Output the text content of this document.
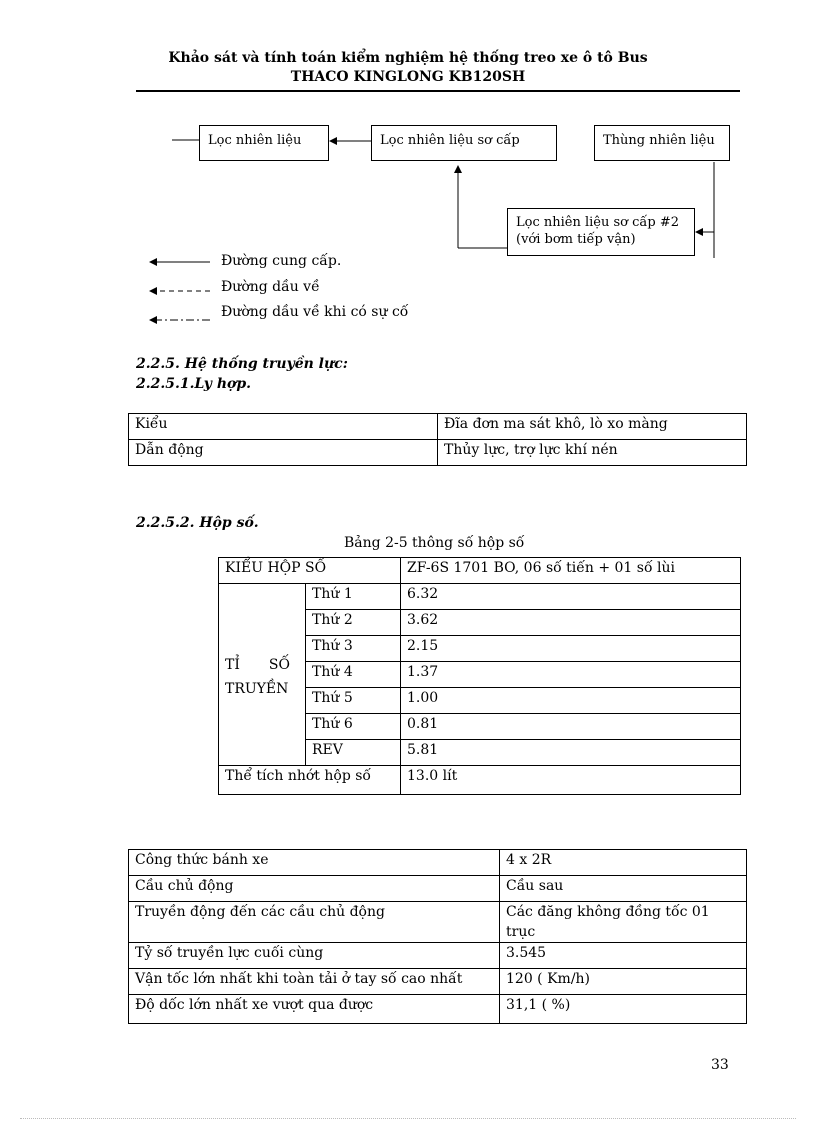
Khảo sát và tính toán kiểm nghiệm hệ thống treo xe ô tô Bus
THACO KINGLONG KB120SH
Lọc nhiên liệu	Lọc nhiên liệu sơ cấp	Thùng nhiên liệu
Lọc nhiên liệu sơ cấp #2
(với bơm tiếp vận)
Đường cung cấp.
Đường dầu về
Đường dầu về khi có sự cố
2.2.5. Hệ thống truyền lực:
2.2.5.1.Ly hợp.
Kiểu	Đĩa đơn ma sát khô, lò xo màng
Dẫn động	Thủy lực, trợ lực khí nén
2.2.5.2. Hộp số.
Bảng 2-5 thông số hộp số
KIỂU HỘP SỐ		ZF-6S 1701 BO, 06 số tiến + 01 số lùi

TỈ SỐ
TRUYỀN	Thứ 1	6.32
	Thứ 2	3.62
	Thứ 3	2.15
	Thứ 4	1.37
	Thứ 5	1.00
	Thứ 6	0.81
	REV	5.81
Thể tích nhớt hộp số		13.0 lít
Công thức bánh xe	4 x 2R
Cầu chủ động	Cầu sau
Truyền động đến các cầu chủ động	Các đăng không đồng tốc 01 trục
Tỷ số truyền lực cuối cùng	3.545
Vận tốc lớn nhất khi toàn tải ở tay số cao nhất	120 ( Km/h)
Độ dốc lớn nhất xe vượt qua được	31,1 ( %)
33
